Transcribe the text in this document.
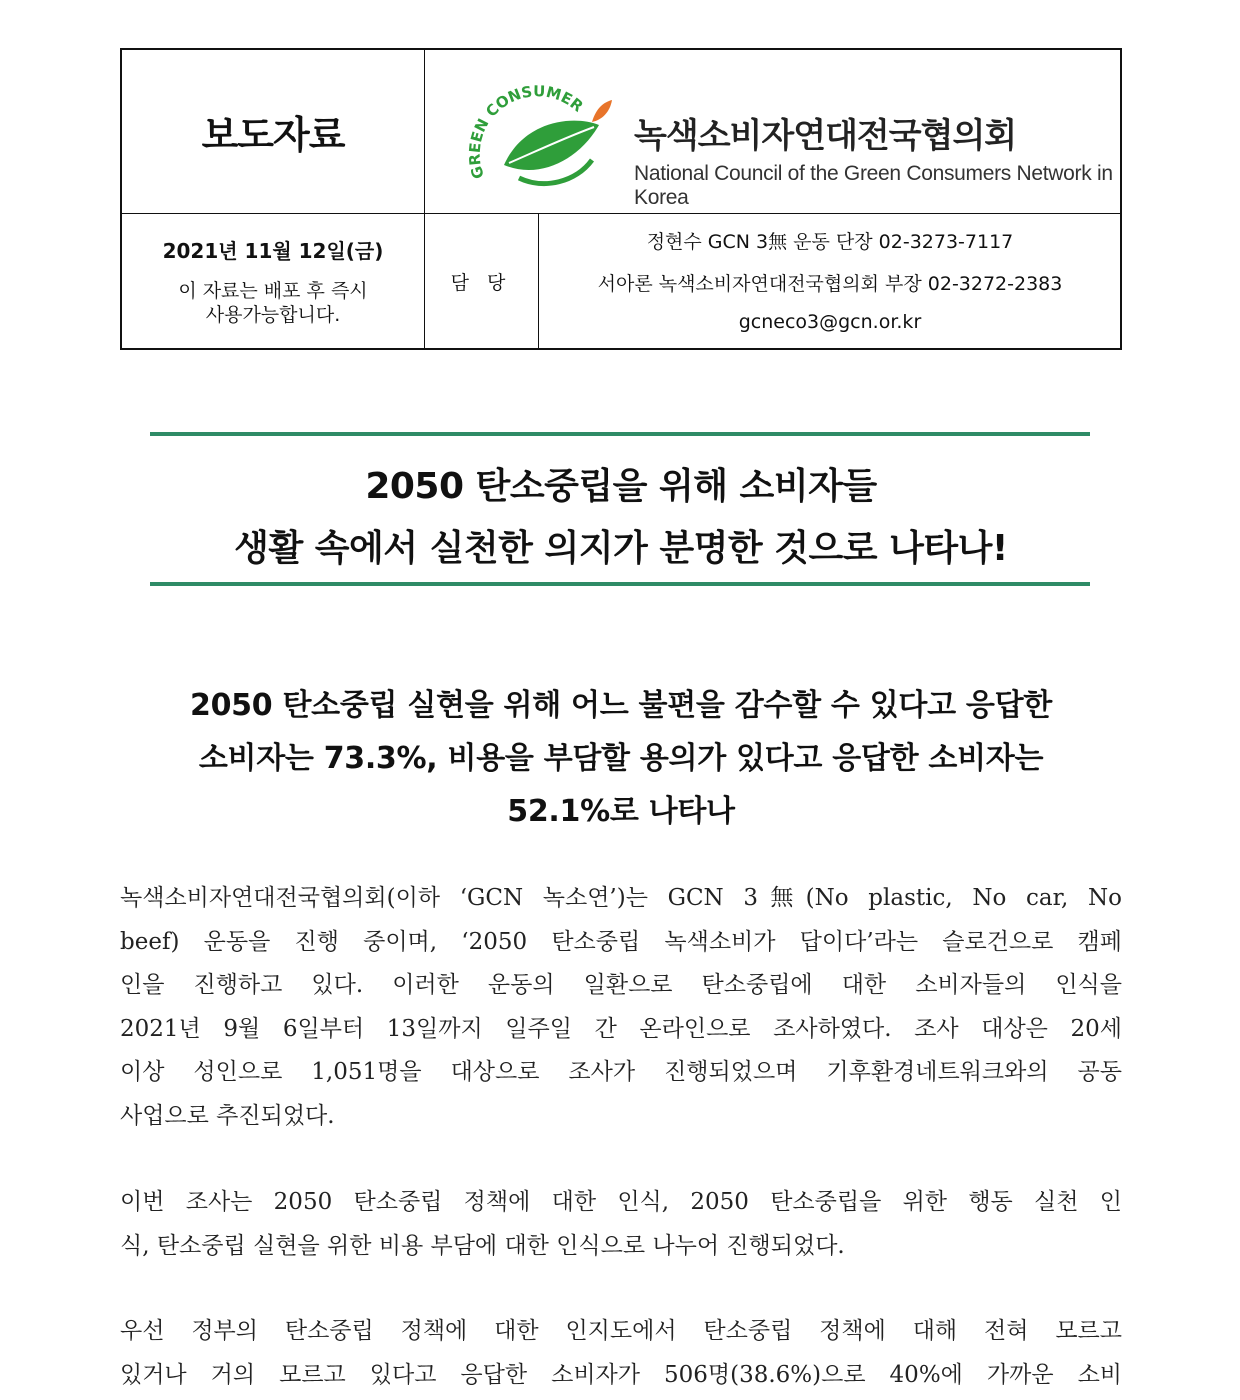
보도자료
GREEN CONSUMER
녹색소비자연대전국협의회
National Council of the Green Consumers Network in Korea
2021년 11월 12일(금)
이 자료는 배포 후 즉시
사용가능합니다.
담 당
정현수 GCN 3無 운동 단장 02-3273-7117
서아론 녹색소비자연대전국협의회 부장 02-3272-2383
gcneco3@gcn.or.kr
2050 탄소중립을 위해 소비자들
생활 속에서 실천한 의지가 분명한 것으로 나타나!
2050 탄소중립 실현을 위해 어느 불편을 감수할 수 있다고 응답한
소비자는 73.3%, 비용을 부담할 용의가 있다고 응답한 소비자는
52.1%로 나타나
녹색소비자연대전국협의회(이하 ‘GCN 녹소연’)는 GCN 3無(No plastic, No car, No
beef) 운동을 진행 중이며, ‘2050 탄소중립 녹색소비가 답이다’라는 슬로건으로 캠페
인을 진행하고 있다. 이러한 운동의 일환으로 탄소중립에 대한 소비자들의 인식을
2021년 9월 6일부터 13일까지 일주일 간 온라인으로 조사하였다. 조사 대상은 20세
이상 성인으로 1,051명을 대상으로 조사가 진행되었으며 기후환경네트워크와의 공동
사업으로 추진되었다.
이번 조사는 2050 탄소중립 정책에 대한 인식, 2050 탄소중립을 위한 행동 실천 인
식, 탄소중립 실현을 위한 비용 부담에 대한 인식으로 나누어 진행되었다.
우선 정부의 탄소중립 정책에 대한 인지도에서 탄소중립 정책에 대해 전혀 모르고
있거나 거의 모르고 있다고 응답한 소비자가 506명(38.6%)으로 40%에 가까운 소비
